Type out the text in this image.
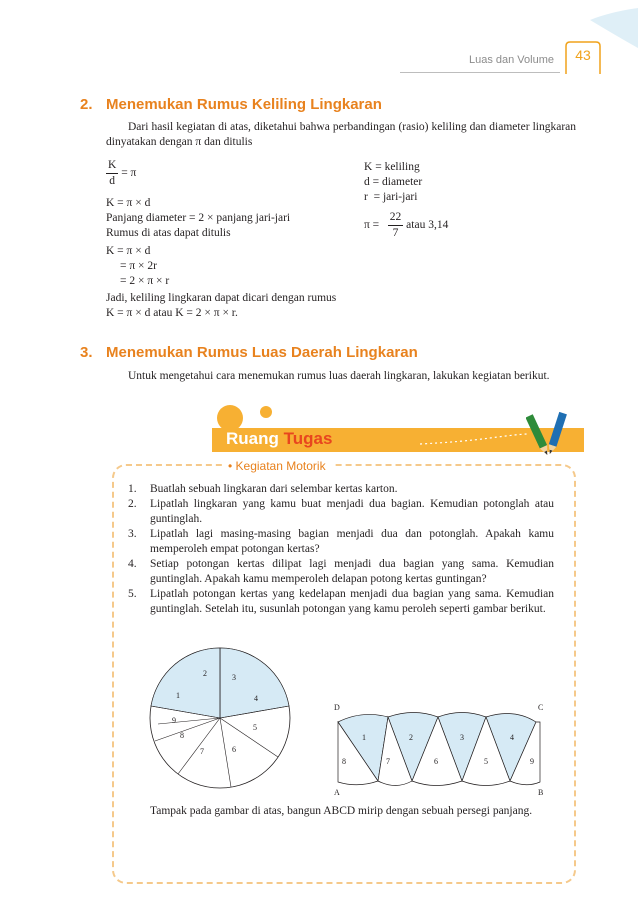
Luas dan Volume	43
2. Menemukan Rumus Keliling Lingkaran
Dari hasil kegiatan di atas, diketahui bahwa perbandingan (rasio) keliling dan diameter lingkaran dinyatakan dengan π dan ditulis
$\frac{K}{d} = \pi$
K = π × d
Panjang diameter = 2 × panjang jari-jari
Rumus di atas dapat ditulis
K = π × d
= π × 2r
= 2 × π × r
Jadi, keliling lingkaran dapat dicari dengan rumus
K = π × d atau K = 2 × π × r.
K = keliling
d = diameter
r = jari-jari
$\pi = \frac{22}{7}$ atau 3,14
3. Menemukan Rumus Luas Daerah Lingkaran
Untuk mengetahui cara menemukan rumus luas daerah lingkaran, lakukan kegiatan berikut.
Ruang Tugas
• Kegiatan Motorik
1. Buatlah sebuah lingkaran dari selembar kertas karton.
2. Lipatlah lingkaran yang kamu buat menjadi dua bagian. Kemudian potonglah atau guntinglah.
3. Lipatlah lagi masing-masing bagian menjadi dua dan potonglah. Apakah kamu memperoleh empat potongan kertas?
4. Setiap potongan kertas dilipat lagi menjadi dua bagian yang sama. Kemudian guntinglah. Apakah kamu memperoleh delapan potong kertas guntingan?
5. Lipatlah potongan kertas yang kedelapan menjadi dua bagian yang sama. Kemudian guntinglah. Setelah itu, susunlah potongan yang kamu peroleh seperti gambar berikut.
2	3
4
1
5
9
8
7	6
D	C
A	B
1	2	3	4
8	7	6	5	9
Tampak pada gambar di atas, bangun ABCD mirip dengan sebuah persegi panjang.
